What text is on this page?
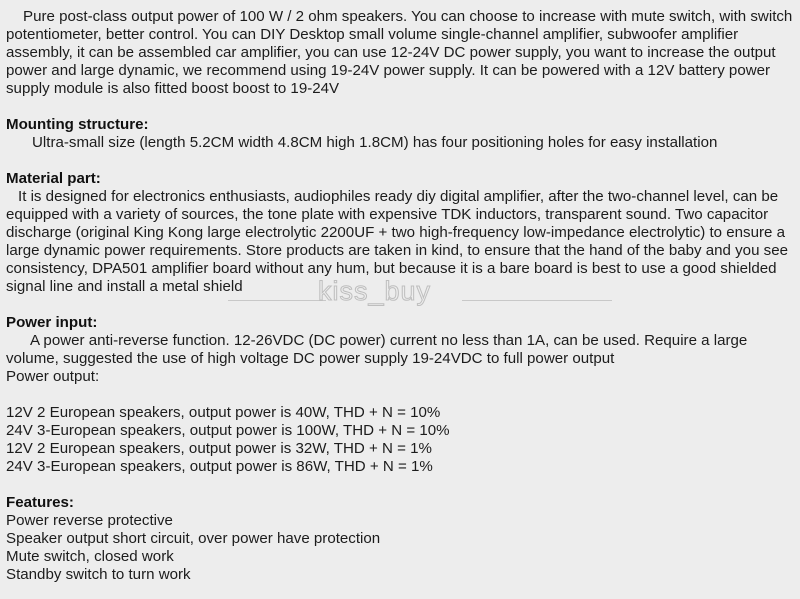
Pure post-class output power of 100 W / 2 ohm speakers. You can choose to increase with mute switch, with switch potentiometer, better control. You can DIY Desktop small volume single-channel amplifier, subwoofer amplifier assembly, it can be assembled car amplifier, you can use 12-24V DC power supply, you want to increase the output power and large dynamic, we recommend using 19-24V power supply. It can be powered with a 12V battery power supply module is also fitted boost boost to 19-24V

Mounting structure:

Ultra-small size (length 5.2CM width 4.8CM high 1.8CM) has four positioning holes for easy installation

Material part:

It is designed for electronics enthusiasts, audiophiles ready diy digital amplifier, after the two-channel level, can be equipped with a variety of sources, the tone plate with expensive TDK inductors, transparent sound. Two capacitor discharge (original King Kong large electrolytic 2200UF + two high-frequency low-impedance electrolytic) to ensure a large dynamic power requirements. Store products are taken in kind, to ensure that the hand of the baby and you see consistency, DPA501 amplifier board without any hum, but because it is a bare board is best to use a good shielded signal line and install a metal shield

Power input:

A power anti-reverse function. 12-26VDC (DC power) current no less than 1A, can be used. Require a large volume, suggested the use of high voltage DC power supply 19-24VDC to full power output

Power output:

12V 2 European speakers, output power is 40W, THD + N = 10%

24V 3-European speakers, output power is 100W, THD + N = 10%

12V 2 European speakers, output power is 32W, THD + N = 1%

24V 3-European speakers, output power is 86W, THD + N = 1%

Features:

Power reverse protective

Speaker output short circuit, over power have protection

Mute switch, closed work

Standby switch to turn work

kiss_buy
